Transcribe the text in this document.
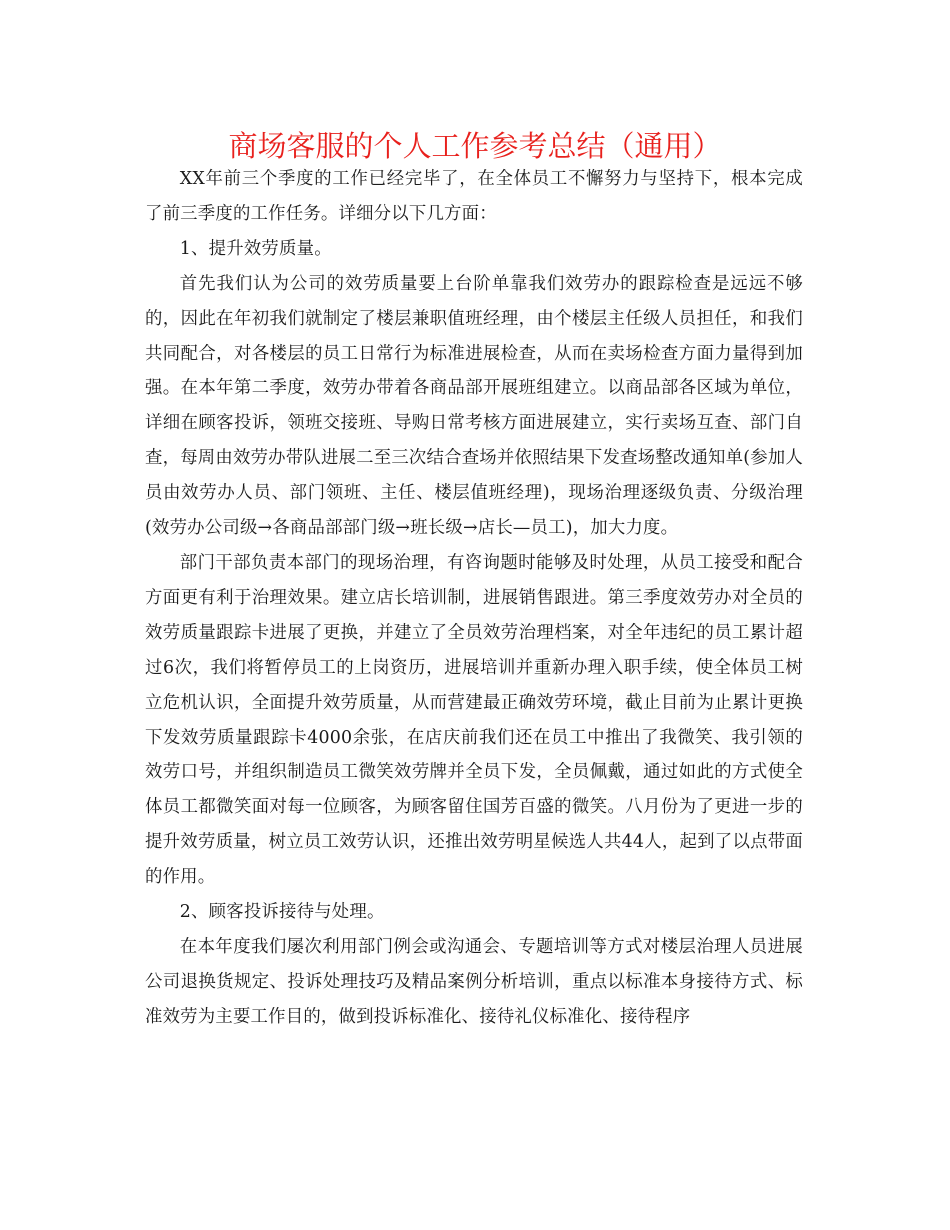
商场客服的个人工作参考总结（通用）

XX年前三个季度的工作已经完毕了，在全体员工不懈努力与坚持下，根本完成了前三季度的工作任务。详细分以下几方面：

1、提升效劳质量。

首先我们认为公司的效劳质量要上台阶单靠我们效劳办的跟踪检查是远远不够的，因此在年初我们就制定了楼层兼职值班经理，由个楼层主任级人员担任，和我们共同配合，对各楼层的员工日常行为标准进展检查，从而在卖场检查方面力量得到加强。在本年第二季度，效劳办带着各商品部开展班组建立。以商品部各区域为单位，详细在顾客投诉，领班交接班、导购日常考核方面进展建立，实行卖场互查、部门自查，每周由效劳办带队进展二至三次结合查场并依照结果下发查场整改通知单(参加人员由效劳办人员、部门领班、主任、楼层值班经理)，现场治理逐级负责、分级治理(效劳办公司级→各商品部部门级→班长级→店长—员工)，加大力度。

部门干部负责本部门的现场治理，有咨询题时能够及时处理，从员工接受和配合方面更有利于治理效果。建立店长培训制，进展销售跟进。第三季度效劳办对全员的效劳质量跟踪卡进展了更换，并建立了全员效劳治理档案，对全年违纪的员工累计超过6次，我们将暂停员工的上岗资历，进展培训并重新办理入职手续，使全体员工树立危机认识，全面提升效劳质量，从而营建最正确效劳环境，截止目前为止累计更换下发效劳质量跟踪卡4000余张，在店庆前我们还在员工中推出了我微笑、我引领的效劳口号，并组织制造员工微笑效劳牌并全员下发，全员佩戴，通过如此的方式使全体员工都微笑面对每一位顾客，为顾客留住国芳百盛的微笑。八月份为了更进一步的提升效劳质量，树立员工效劳认识，还推出效劳明星候选人共44人，起到了以点带面的作用。

2、顾客投诉接待与处理。

在本年度我们屡次利用部门例会或沟通会、专题培训等方式对楼层治理人员进展公司退换货规定、投诉处理技巧及精品案例分析培训，重点以标准本身接待方式、标准效劳为主要工作目的，做到投诉标准化、接待礼仪标准化、接待程序
